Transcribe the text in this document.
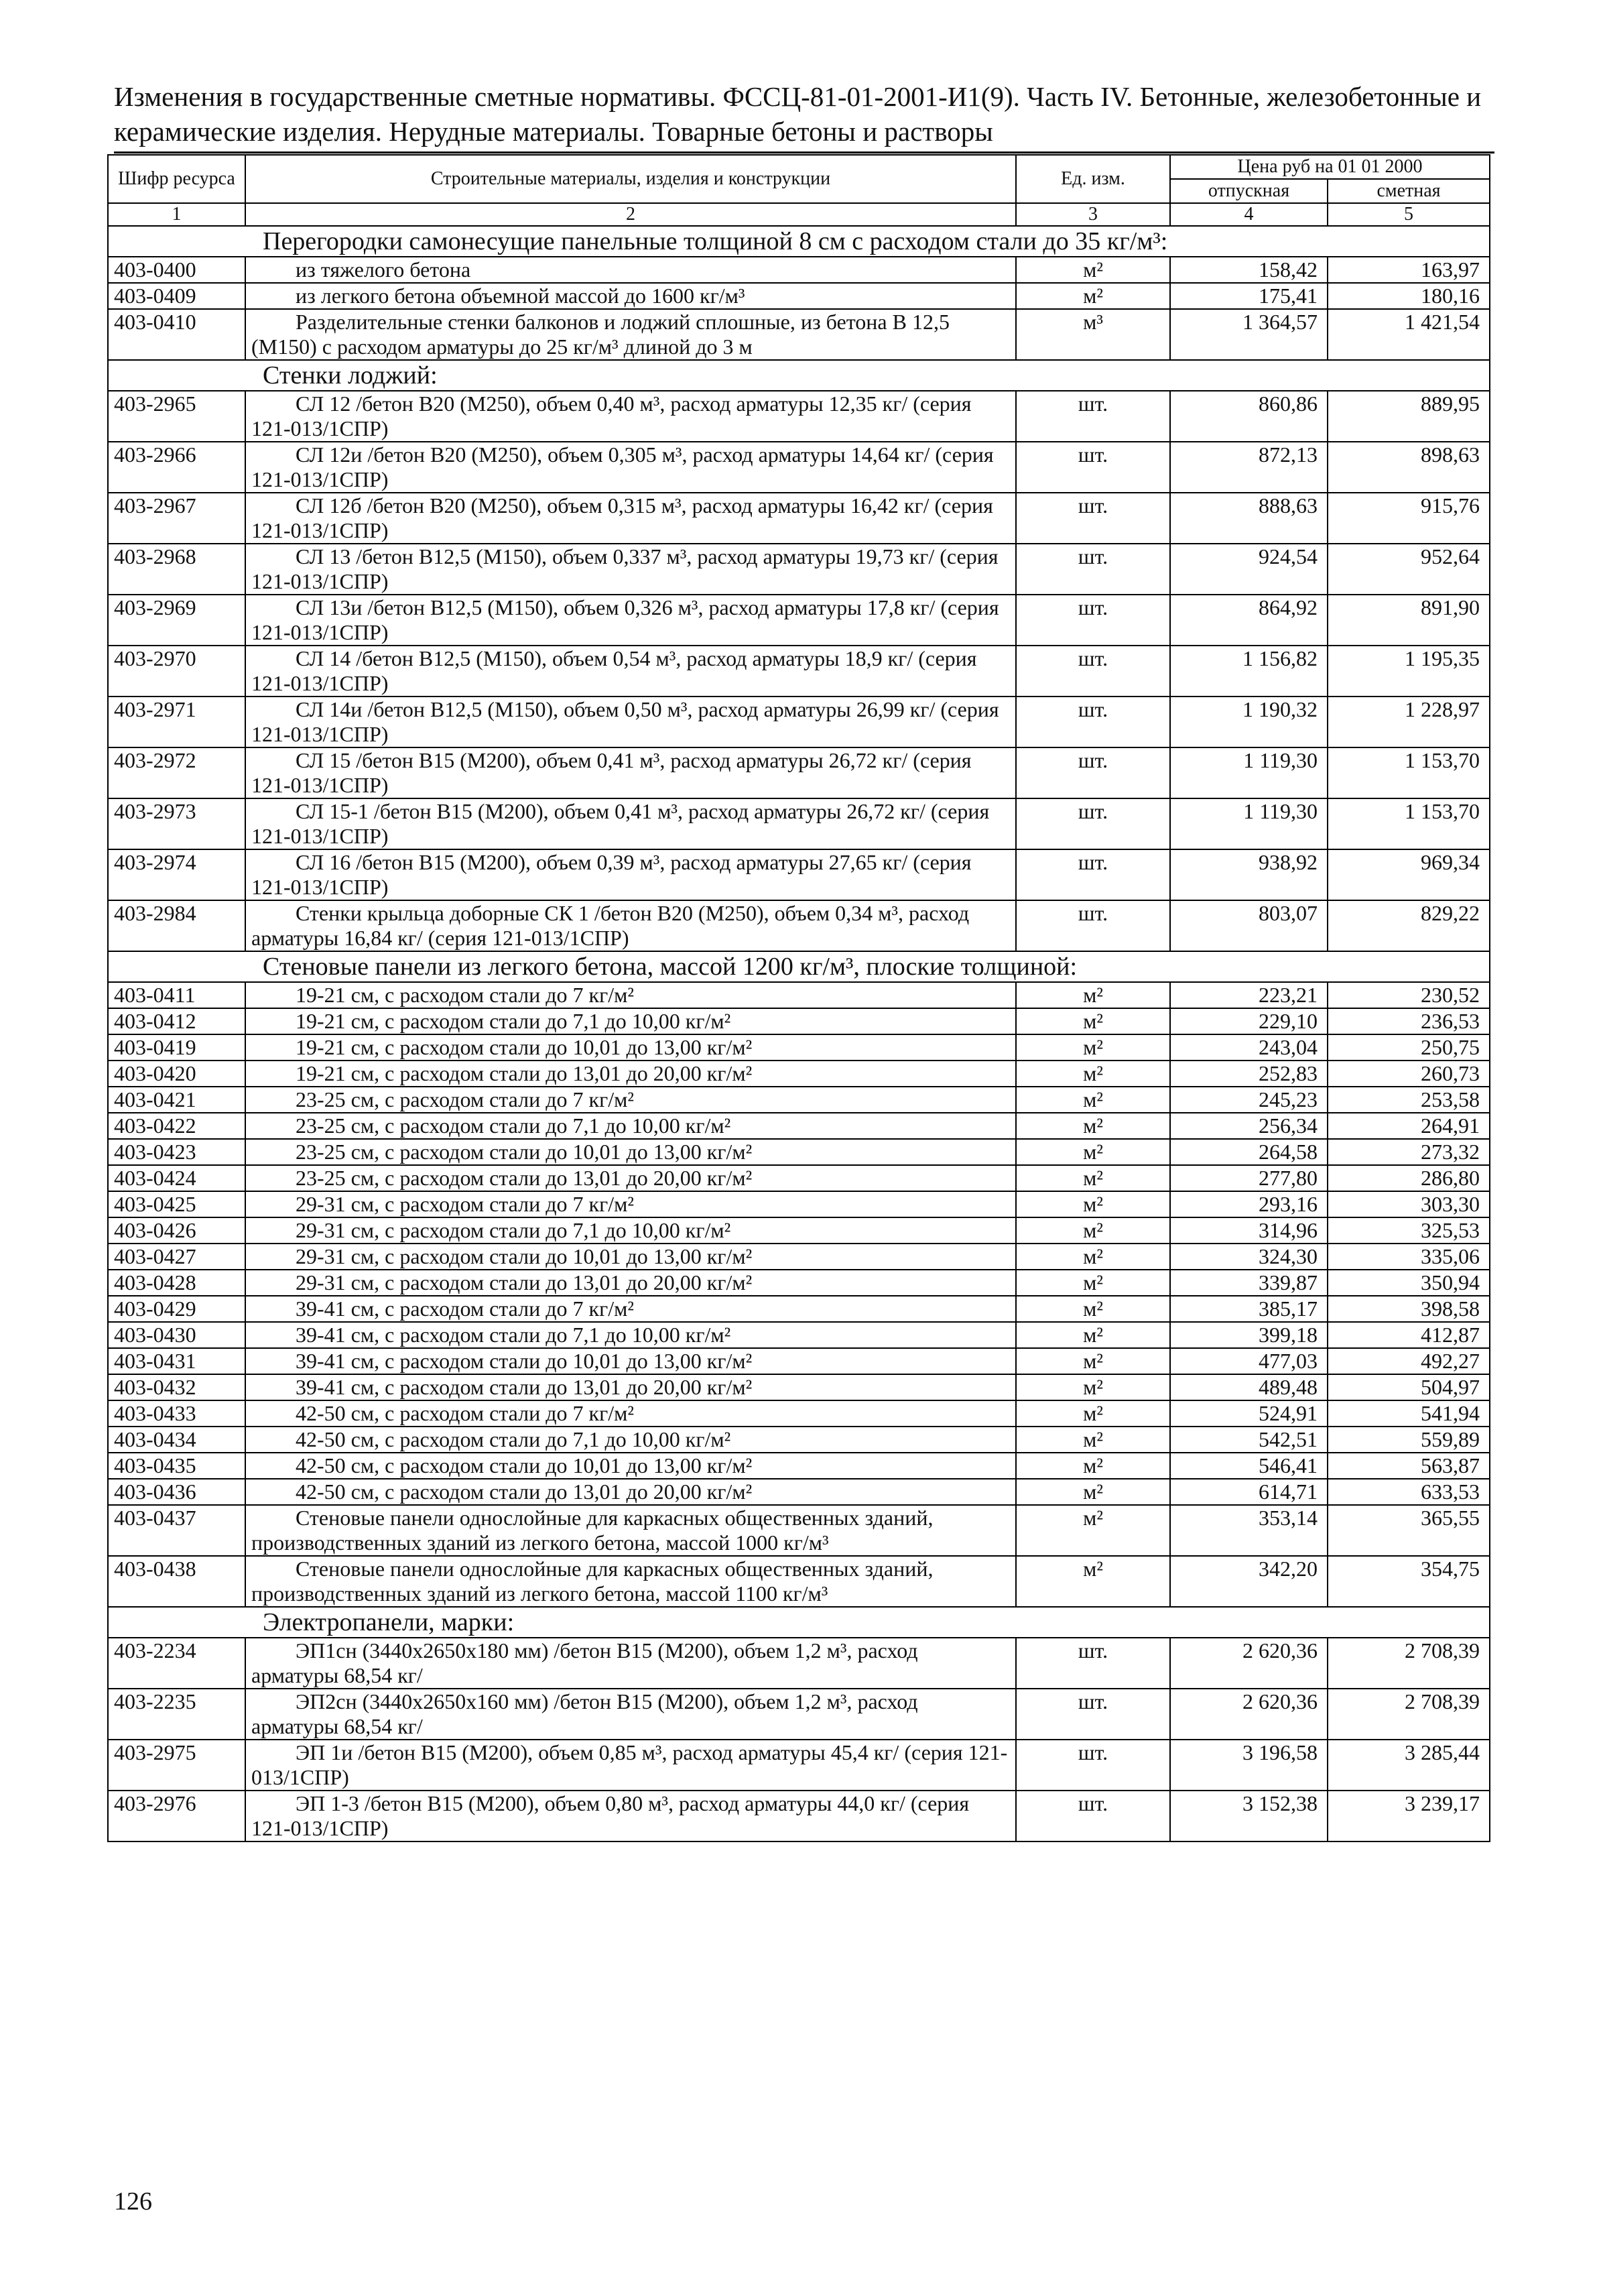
Изменения в государственные сметные нормативы. ФССЦ-81-01-2001-И1(9). Часть IV. Бетонные, железобетонные и
керамические изделия. Нерудные материалы. Товарные бетоны и растворы
Шифр ресурса	Строительные материалы, изделия и конструкции	Ед. изм.	Цена руб на 01 01 2000	
			отпускная	сметная
1	2	3	4	5
Перегородки самонесущие панельные толщиной 8 см с расходом стали до 35 кг/м³:				
403-0400	из тяжелого бетона	м²	158,42	163,97
403-0409	из легкого бетона объемной массой до 1600 кг/м³	м²	175,41	180,16
403-0410	Разделительные стенки балконов и лоджий сплошные, из бетона В 12,5 (М150) с расходом арматуры до 25 кг/м³ длиной до 3 м	м³	1 364,57	1 421,54
Стенки лоджий:				
403-2965	СЛ 12 /бетон В20 (М250), объем 0,40 м³, расход арматуры 12,35 кг/ (серия 121-013/1СПР)	шт.	860,86	889,95
403-2966	СЛ 12и /бетон В20 (М250), объем 0,305 м³, расход арматуры 14,64 кг/ (серия 121-013/1СПР)	шт.	872,13	898,63
403-2967	СЛ 12б /бетон В20 (М250), объем 0,315 м³, расход арматуры 16,42 кг/ (серия 121-013/1СПР)	шт.	888,63	915,76
403-2968	СЛ 13 /бетон В12,5 (М150), объем 0,337 м³, расход арматуры 19,73 кг/ (серия 121-013/1СПР)	шт.	924,54	952,64
403-2969	СЛ 13и /бетон В12,5 (М150), объем 0,326 м³, расход арматуры 17,8 кг/ (серия 121-013/1СПР)	шт.	864,92	891,90
403-2970	СЛ 14 /бетон В12,5 (М150), объем 0,54 м³, расход арматуры 18,9 кг/ (серия 121-013/1СПР)	шт.	1 156,82	1 195,35
403-2971	СЛ 14и /бетон В12,5 (М150), объем 0,50 м³, расход арматуры 26,99 кг/ (серия 121-013/1СПР)	шт.	1 190,32	1 228,97
403-2972	СЛ 15 /бетон В15 (М200), объем 0,41 м³, расход арматуры 26,72 кг/ (серия 121-013/1СПР)	шт.	1 119,30	1 153,70
403-2973	СЛ 15-1 /бетон В15 (М200), объем 0,41 м³, расход арматуры 26,72 кг/ (серия 121-013/1СПР)	шт.	1 119,30	1 153,70
403-2974	СЛ 16 /бетон В15 (М200), объем 0,39 м³, расход арматуры 27,65 кг/ (серия 121-013/1СПР)	шт.	938,92	969,34
403-2984	Стенки крыльца доборные СК 1 /бетон В20 (М250), объем 0,34 м³, расход арматуры 16,84 кг/ (серия 121-013/1СПР)	шт.	803,07	829,22
Стеновые панели из легкого бетона, массой 1200 кг/м³, плоские толщиной:				
403-0411	19-21 см, с расходом стали до 7 кг/м²	м²	223,21	230,52
403-0412	19-21 см, с расходом стали до 7,1 до 10,00 кг/м²	м²	229,10	236,53
403-0419	19-21 см, с расходом стали до 10,01 до 13,00 кг/м²	м²	243,04	250,75
403-0420	19-21 см, с расходом стали до 13,01 до 20,00 кг/м²	м²	252,83	260,73
403-0421	23-25 см, с расходом стали до 7 кг/м²	м²	245,23	253,58
403-0422	23-25 см, с расходом стали до 7,1 до 10,00 кг/м²	м²	256,34	264,91
403-0423	23-25 см, с расходом стали до 10,01 до 13,00 кг/м²	м²	264,58	273,32
403-0424	23-25 см, с расходом стали до 13,01 до 20,00 кг/м²	м²	277,80	286,80
403-0425	29-31 см, с расходом стали до 7 кг/м²	м²	293,16	303,30
403-0426	29-31 см, с расходом стали до 7,1 до 10,00 кг/м²	м²	314,96	325,53
403-0427	29-31 см, с расходом стали до 10,01 до 13,00 кг/м²	м²	324,30	335,06
403-0428	29-31 см, с расходом стали до 13,01 до 20,00 кг/м²	м²	339,87	350,94
403-0429	39-41 см, с расходом стали до 7 кг/м²	м²	385,17	398,58
403-0430	39-41 см, с расходом стали до 7,1 до 10,00 кг/м²	м²	399,18	412,87
403-0431	39-41 см, с расходом стали до 10,01 до 13,00 кг/м²	м²	477,03	492,27
403-0432	39-41 см, с расходом стали до 13,01 до 20,00 кг/м²	м²	489,48	504,97
403-0433	42-50 см, с расходом стали до 7 кг/м²	м²	524,91	541,94
403-0434	42-50 см, с расходом стали до 7,1 до 10,00 кг/м²	м²	542,51	559,89
403-0435	42-50 см, с расходом стали до 10,01 до 13,00 кг/м²	м²	546,41	563,87
403-0436	42-50 см, с расходом стали до 13,01 до 20,00 кг/м²	м²	614,71	633,53
403-0437	Стеновые панели однослойные для каркасных общественных зданий, производственных зданий из легкого бетона, массой 1000 кг/м³	м²	353,14	365,55
403-0438	Стеновые панели однослойные для каркасных общественных зданий, производственных зданий из легкого бетона, массой 1100 кг/м³	м²	342,20	354,75
Электропанели, марки:				
403-2234	ЭП1сн (3440х2650х180 мм) /бетон В15 (М200), объем 1,2 м³, расход арматуры 68,54 кг/	шт.	2 620,36	2 708,39
403-2235	ЭП2сн (3440х2650х160 мм) /бетон В15 (М200), объем 1,2 м³, расход арматуры 68,54 кг/	шт.	2 620,36	2 708,39
403-2975	ЭП 1и /бетон В15 (М200), объем 0,85 м³, расход арматуры 45,4 кг/ (серия 121-013/1СПР)	шт.	3 196,58	3 285,44
403-2976	ЭП 1-3 /бетон В15 (М200), объем 0,80 м³, расход арматуры 44,0 кг/ (серия 121-013/1СПР)	шт.	3 152,38	3 239,17
126
